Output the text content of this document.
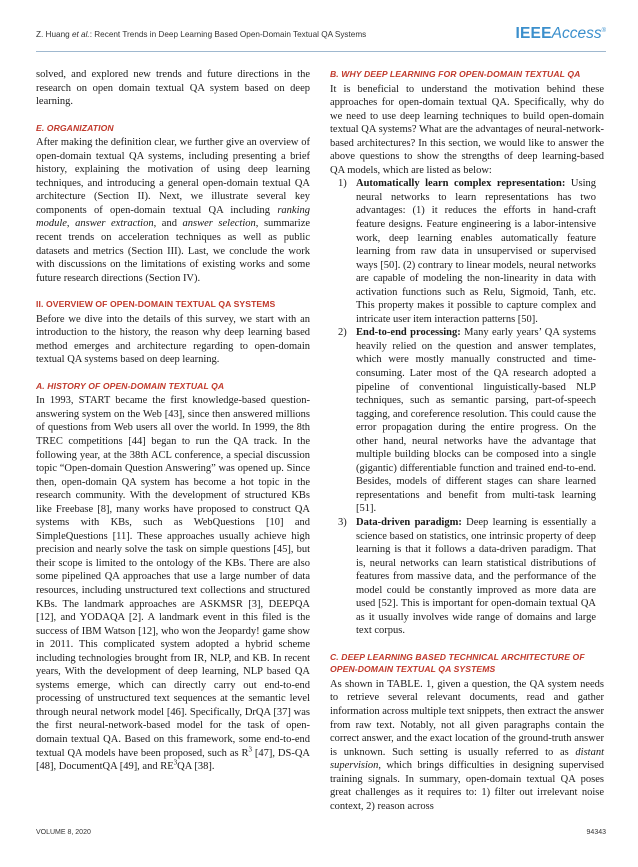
Z. Huang et al.: Recent Trends in Deep Learning Based Open-Domain Textual QA Systems	IEEEAccess®

solved, and explored new trends and future directions in the research on open domain textual QA system based on deep learning.

E. ORGANIZATION

After making the definition clear, we further give an overview of open-domain textual QA systems, including presenting a brief history, explaining the motivation of using deep learning techniques, and introducing a general open-domain textual QA architecture (Section II). Next, we illustrate several key components of open-domain textual QA including ranking module, answer extraction, and answer selection, summarize recent trends on acceleration techniques as well as public datasets and metrics (Section III). Last, we conclude the work with discussions on the limitations of existing works and some future research directions (Section IV).

II. OVERVIEW OF OPEN-DOMAIN TEXTUAL QA SYSTEMS

Before we dive into the details of this survey, we start with an introduction to the history, the reason why deep learning based method emerges and architecture regarding to open-domain textual QA systems based on deep learning.

A. HISTORY OF OPEN-DOMAIN TEXTUAL QA

In 1993, START became the first knowledge-based question-answering system on the Web [43], since then answered millions of questions from Web users all over the world. In 1999, the 8th TREC competitions [44] began to run the QA track. In the following year, at the 38th ACL conference, a special discussion topic “Open-domain Question Answering” was opened up. Since then, open-domain QA system has become a hot topic in the research community. With the development of structured KBs like Freebase [8], many works have proposed to construct QA systems with KBs, such as WebQuestions [10] and SimpleQuestions [11]. These approaches usually achieve high precision and nearly solve the task on simple questions [45], but their scope is limited to the ontology of the KBs. There are also some pipelined QA approaches that use a large number of data resources, including unstructured text collections and structured KBs. The landmark approaches are ASKMSR [3], DEEPQA [12], and YODAQA [2]. A landmark event in this filed is the success of IBM Watson [12], who won the Jeopardy! game show in 2011. This complicated system adopted a hybrid scheme including technologies brought from IR, NLP, and KB. In recent years, With the development of deep learning, NLP based QA systems emerge, which can directly carry out end-to-end processing of unstructured text sequences at the semantic level through neural network model [46]. Specifically, DrQA [37] was the first neural-network-based model for the task of open-domain textual QA. Based on this framework, some end-to-end textual QA models have been proposed, such as $R^3$ [47], DS-QA [48], DocumentQA [49], and $RE^3QA$ [38].

B. WHY DEEP LEARNING FOR OPEN-DOMAIN TEXTUAL QA

It is beneficial to understand the motivation behind these approaches for open-domain textual QA. Specifically, why do we need to use deep learning techniques to build open-domain textual QA systems? What are the advantages of neural-network-based architectures? In this section, we would like to answer the above questions to show the strengths of deep learning-based QA models, which are listed as below:

1) Automatically learn complex representation: Using neural networks to learn representations has two advantages: (1) it reduces the efforts in hand-craft feature designs. Feature engineering is a labor-intensive work, deep learning enables automatically feature learning from raw data in unsupervised or supervised ways [50]. (2) contrary to linear models, neural networks are capable of modeling the non-linearity in data with activation functions such as Relu, Sigmoid, Tanh, etc. This property makes it possible to capture complex and intricate user item interaction patterns [50].
2) End-to-end processing: Many early years’ QA systems heavily relied on the question and answer templates, which were mostly manually constructed and time-consuming. Later most of the QA research adopted a pipeline of conventional linguistically-based NLP techniques, such as semantic parsing, part-of-speech tagging, and coreference resolution. This could cause the error propagation during the entire progress. On the other hand, neural networks have the advantage that multiple building blocks can be composed into a single (gigantic) differentiable function and trained end-to-end. Besides, models of different stages can share learned representations and benefit from multi-task learning [51].
3) Data-driven paradigm: Deep learning is essentially a science based on statistics, one intrinsic property of deep learning is that it follows a data-driven paradigm. That is, neural networks can learn statistical distributions of features from massive data, and the performance of the model could be constantly improved as more data are used [52]. This is important for open-domain textual QA as it usually involves wide range of domains and large text corpus.
C. DEEP LEARNING BASED TECHNICAL ARCHITECTURE OF OPEN-DOMAIN TEXTUAL QA SYSTEMS

As shown in TABLE. 1, given a question, the QA system needs to retrieve several relevant documents, read and gather information across multiple text snippets, then extract the answer from raw text. Notably, not all given paragraphs contain the correct answer, and the exact location of the ground-truth answer is unknown. Such setting is usually referred to as distant supervision, which brings difficulties in designing supervised training signals. In summary, open-domain textual QA poses great challenges as it requires to: 1) filter out irrelevant noise context, 2) reason across

VOLUME 8, 2020	94343
